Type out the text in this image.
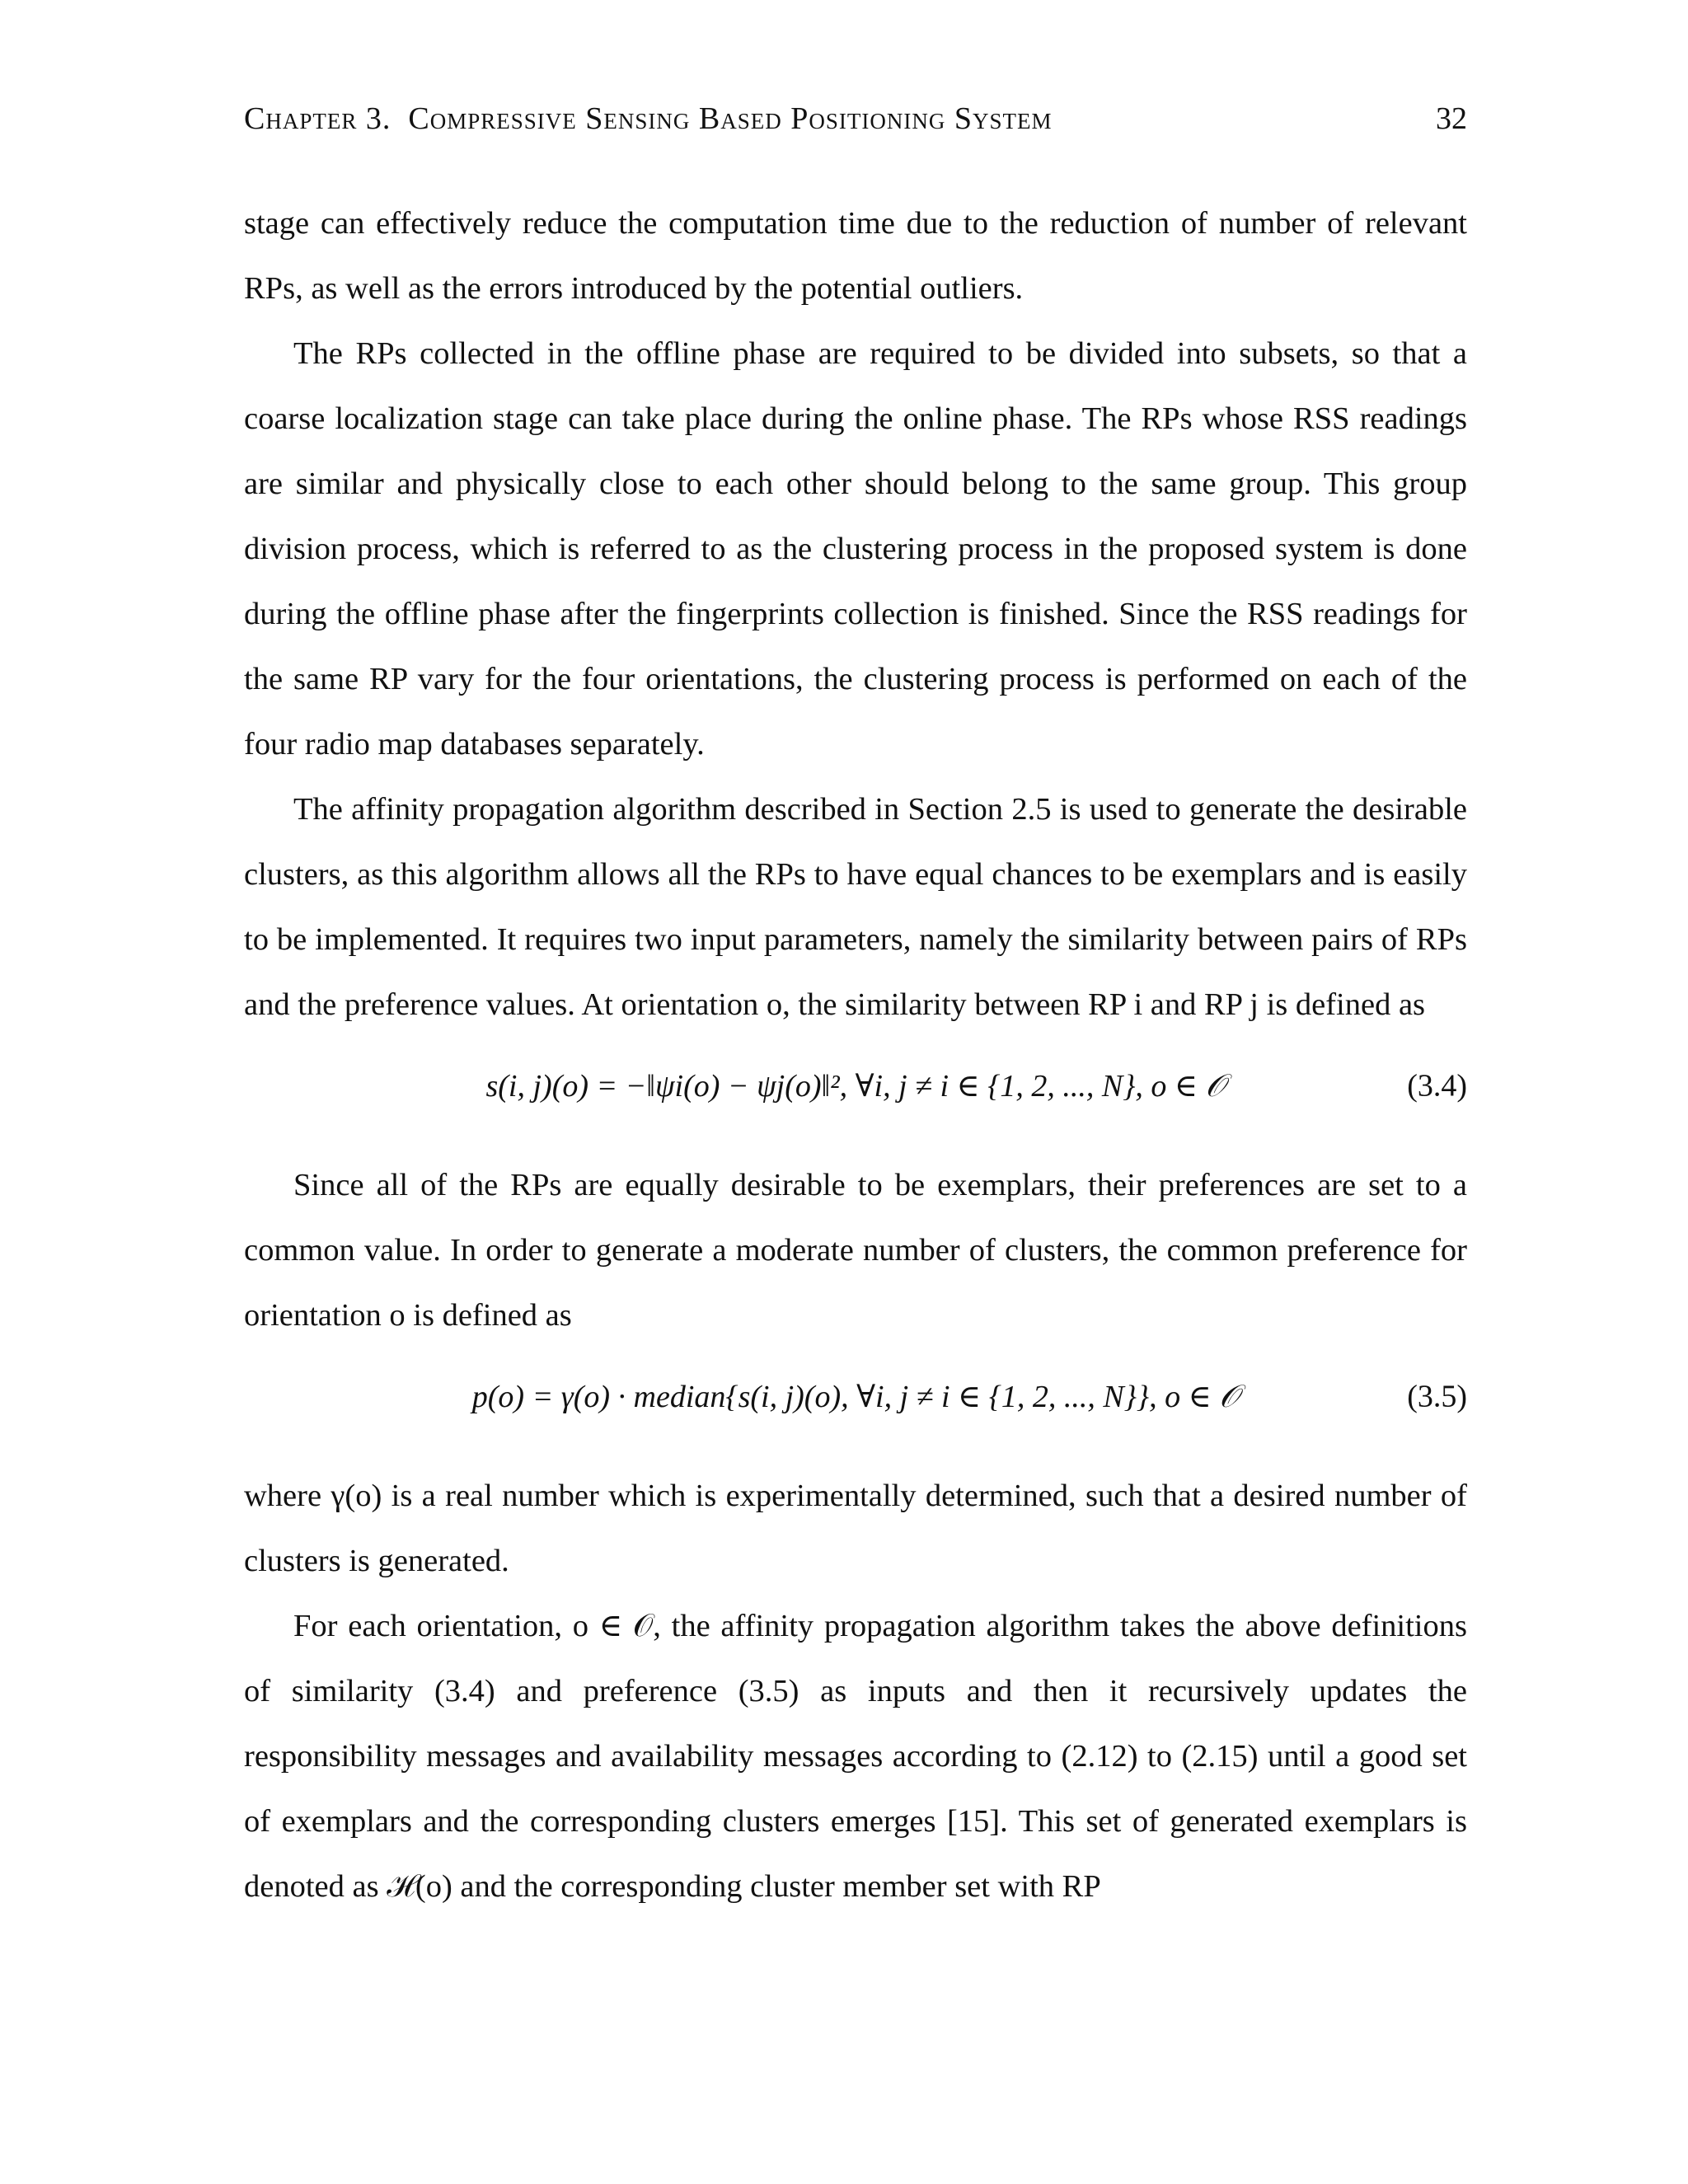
Chapter 3. Compressive Sensing Based Positioning System	32

stage can effectively reduce the computation time due to the reduction of number of relevant RPs, as well as the errors introduced by the potential outliers.

The RPs collected in the offline phase are required to be divided into subsets, so that a coarse localization stage can take place during the online phase. The RPs whose RSS readings are similar and physically close to each other should belong to the same group. This group division process, which is referred to as the clustering process in the proposed system is done during the offline phase after the fingerprints collection is finished. Since the RSS readings for the same RP vary for the four orientations, the clustering process is performed on each of the four radio map databases separately.

The affinity propagation algorithm described in Section 2.5 is used to generate the desirable clusters, as this algorithm allows all the RPs to have equal chances to be exemplars and is easily to be implemented. It requires two input parameters, namely the similarity between pairs of RPs and the preference values. At orientation o, the similarity between RP i and RP j is defined as

s(i, j)(o) = −‖ψi(o) − ψj(o)‖², ∀i, j ≠ i ∈ {1, 2, ..., N}, o ∈ 𝒪	(3.4)

Since all of the RPs are equally desirable to be exemplars, their preferences are set to a common value. In order to generate a moderate number of clusters, the common preference for orientation o is defined as

p(o) = γ(o) · median{s(i, j)(o), ∀i, j ≠ i ∈ {1, 2, ..., N}}, o ∈ 𝒪	(3.5)

where γ(o) is a real number which is experimentally determined, such that a desired number of clusters is generated.

For each orientation, o ∈ 𝒪, the affinity propagation algorithm takes the above definitions of similarity (3.4) and preference (3.5) as inputs and then it recursively updates the responsibility messages and availability messages according to (2.12) to (2.15) until a good set of exemplars and the corresponding clusters emerges [15]. This set of generated exemplars is denoted as ℋ(o) and the corresponding cluster member set with RP
